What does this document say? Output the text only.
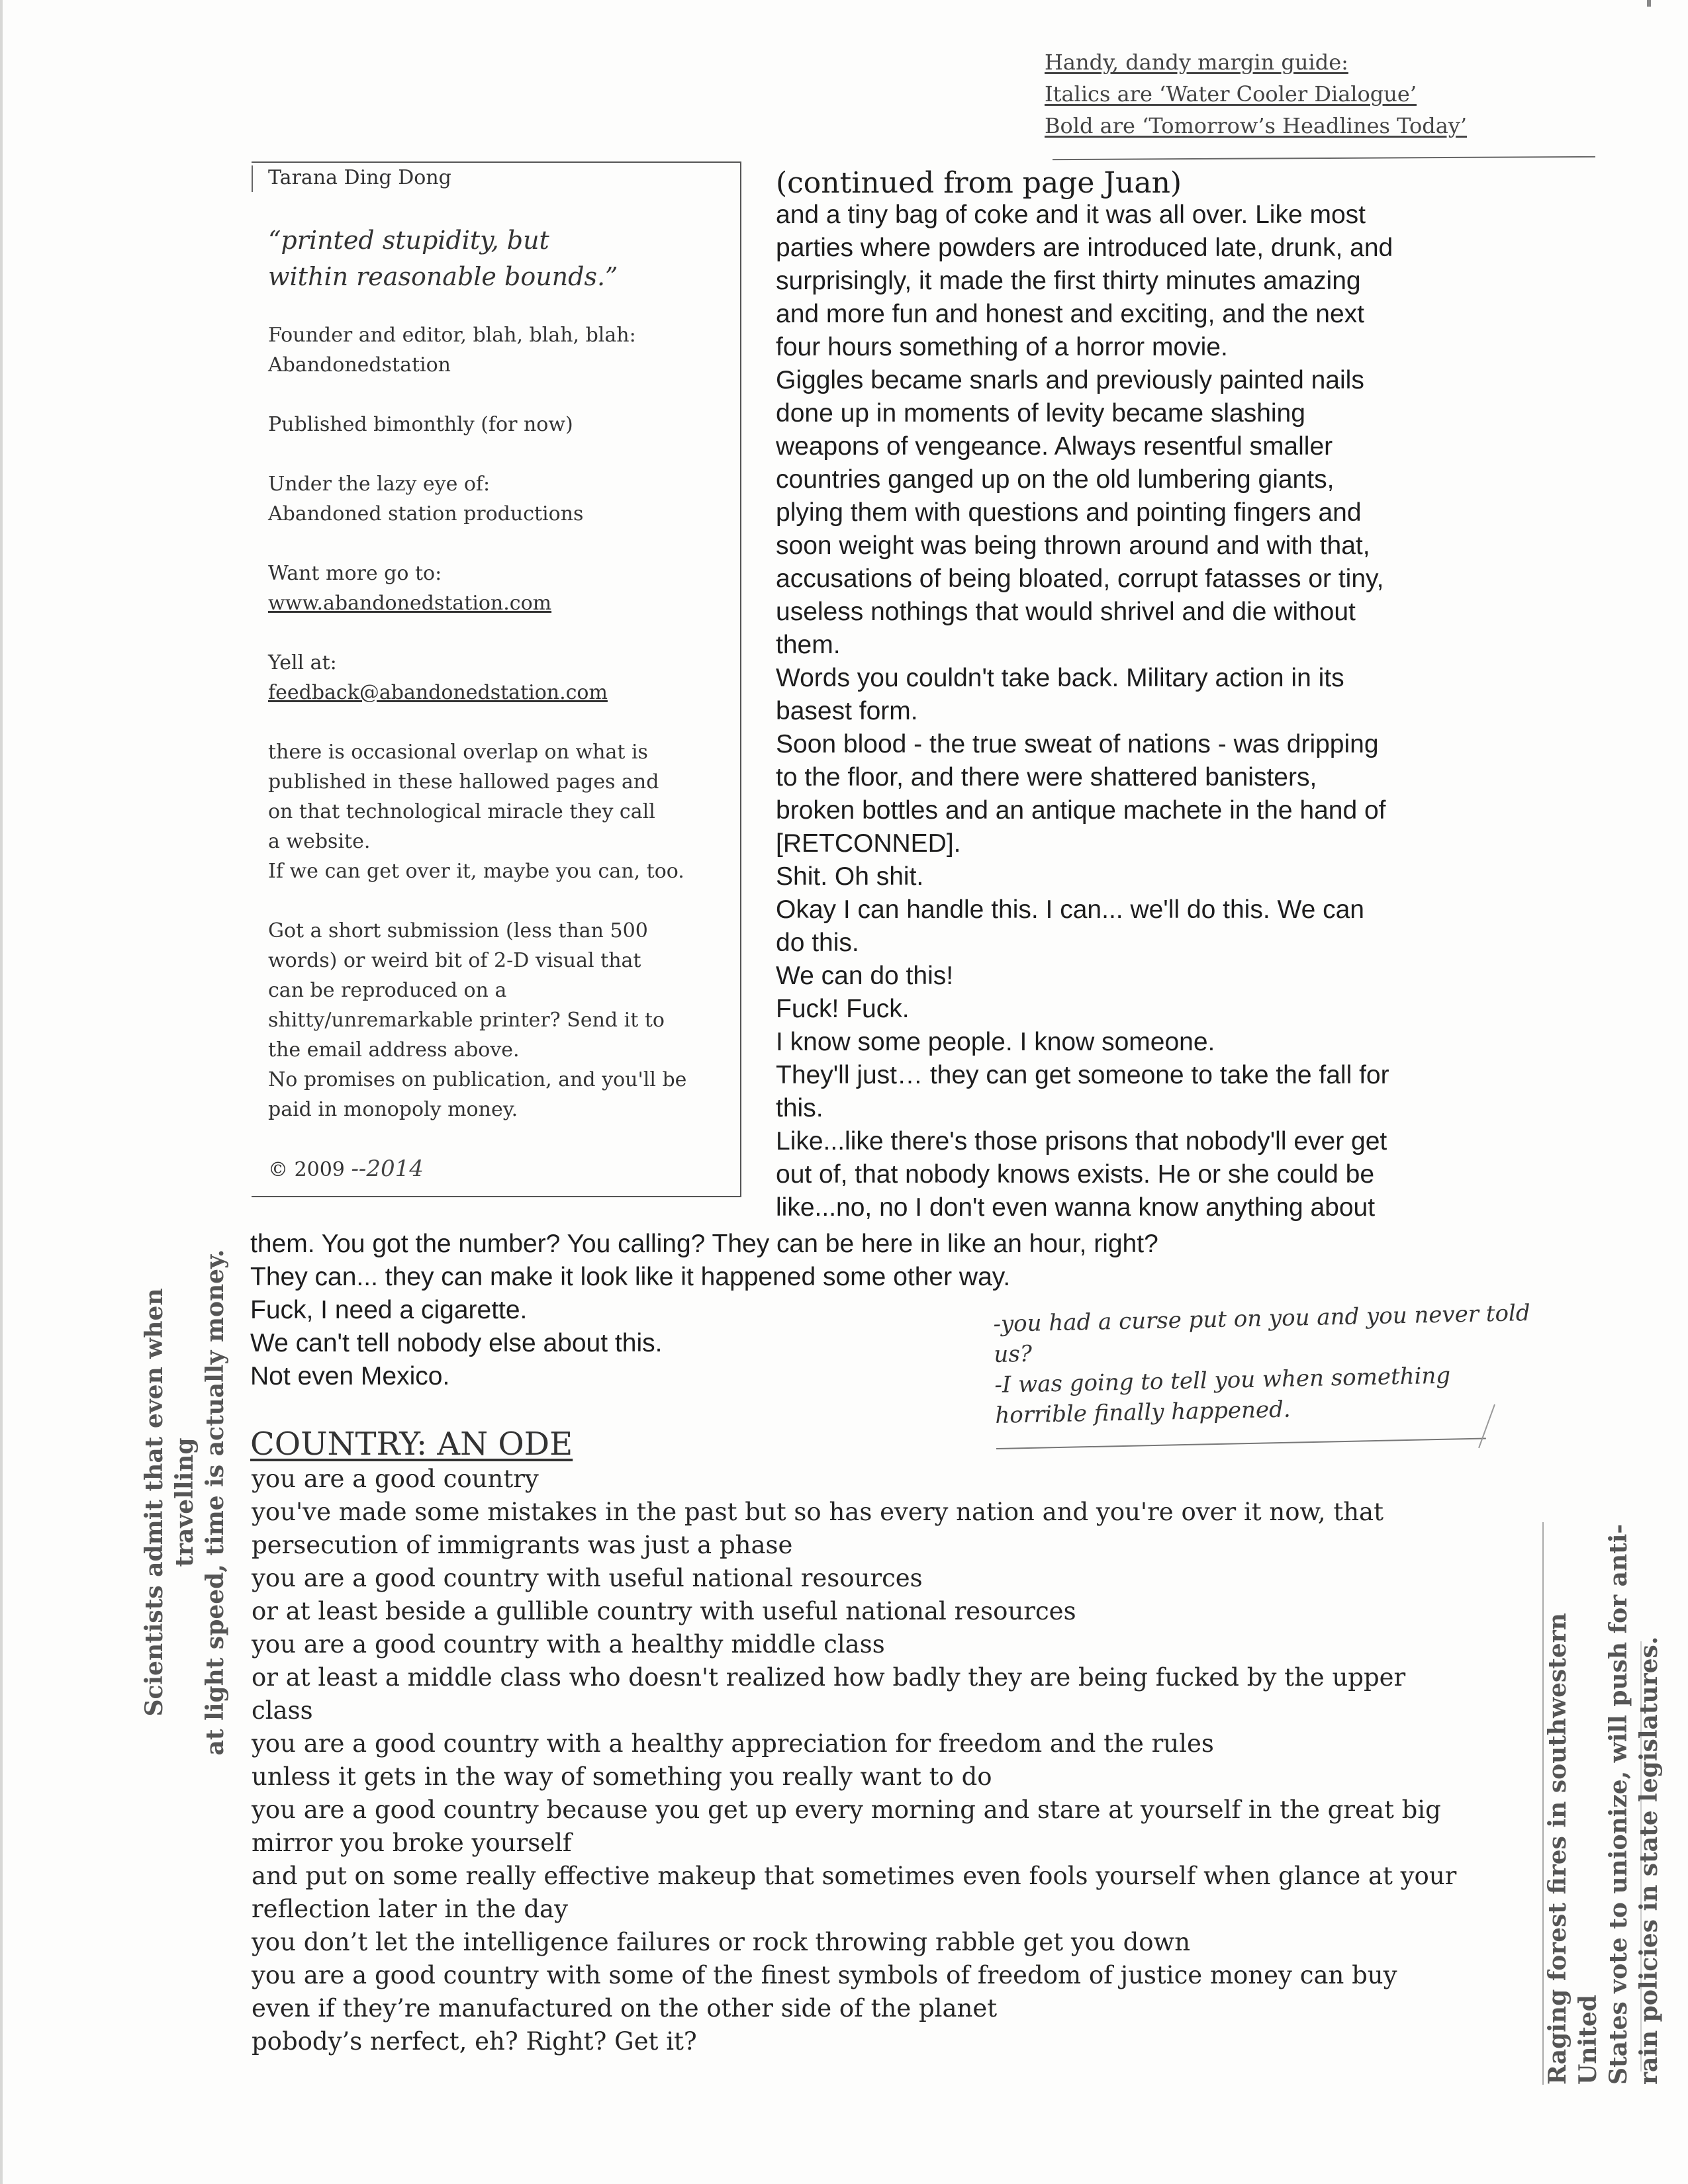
Handy, dandy margin guide:
Italics are ‘Water Cooler Dialogue’
Bold are ‘Tomorrow’s Headlines Today’
Tarana Ding Dong
“printed stupidity, but
within reasonable bounds.”
Founder and editor, blah, blah, blah:
Abandonedstation
Published bimonthly (for now)
Under the lazy eye of:
Abandoned station productions
Want more go to:
www.abandonedstation.com
Yell at:
feedback@abandonedstation.com
there is occasional overlap on what is
published in these hallowed pages and
on that technological miracle they call
a website.
If we can get over it, maybe you can, too.
Got a short submission (less than 500
words) or weird bit of 2-D visual that
can be reproduced on a
shitty/unremarkable printer? Send it to
the email address above.
No promises on publication, and you'll be
paid in monopoly money.
© 2009 --2014
(continued from page Juan)

and a tiny bag of coke and it was all over. Like most

parties where powders are introduced late, drunk, and

surprisingly, it made the first thirty minutes amazing

and more fun and honest and exciting, and the next

four hours something of a horror movie.

Giggles became snarls and previously painted nails

done up in moments of levity became slashing

weapons of vengeance. Always resentful smaller

countries ganged up on the old lumbering giants,

plying them with questions and pointing fingers and

soon weight was being thrown around and with that,

accusations of being bloated, corrupt fatasses or tiny,

useless nothings that would shrivel and die without

them.

Words you couldn't take back. Military action in its

basest form.

Soon blood - the true sweat of nations - was dripping

to the floor, and there were shattered banisters,

broken bottles and an antique machete in the hand of

[RETCONNED].

Shit. Oh shit.

Okay I can handle this. I can... we'll do this. We can

do this.

We can do this!

Fuck! Fuck.

I know some people. I know someone.

They'll just… they can get someone to take the fall for

this.

Like...like there's those prisons that nobody'll ever get

out of, that nobody knows exists. He or she could be

like...no, no I don't even wanna know anything about

them. You got the number? You calling? They can be here in like an hour, right?

They can... they can make it look like it happened some other way.

Fuck, I need a cigarette.

We can't tell nobody else about this.

Not even Mexico.

-you had a curse put on you and you never told

us?

-I was going to tell you when something

horrible finally happened.

COUNTRY: AN ODE

you are a good country

you've made some mistakes in the past but so has every nation and you're over it now, that

persecution of immigrants was just a phase

you are a good country with useful national resources

or at least beside a gullible country with useful national resources

you are a good country with a healthy middle class

or at least a middle class who doesn't realized how badly they are being fucked by the upper

class

you are a good country with a healthy appreciation for freedom and the rules

unless it gets in the way of something you really want to do

you are a good country because you get up every morning and stare at yourself in the great big

mirror you broke yourself

and put on some really effective makeup that sometimes even fools yourself when glance at your

reflection later in the day

you don’t let the intelligence failures or rock throwing rabble get you down

you are a good country with some of the finest symbols of freedom of justice money can buy

even if they’re manufactured on the other side of the planet

pobody’s nerfect, eh? Right? Get it?

Scientists admit that even when travelling at light speed, time is actually money.
Raging forest fires in southwestern United States vote to unionize, will push for anti- rain policies in state legislatures.
